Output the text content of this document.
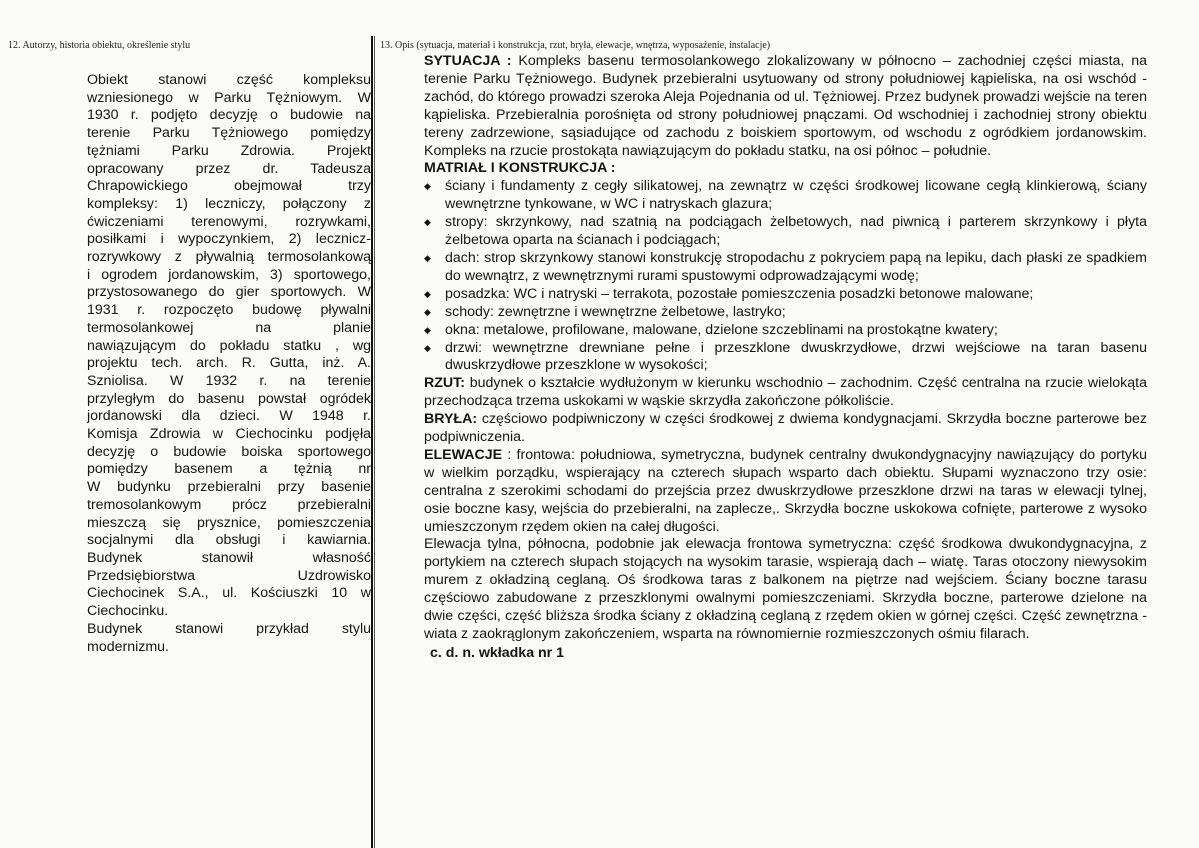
12. Autorzy, historia obiektu, określenie stylu	13. Opis (sytuacja, materiał i konstrukcja, rzut, bryła, elewacje, wnętrza, wyposażenie, instalacje)
Obiekt stanowi część kompleksu
wzniesionego w Parku Tężniowym. W
1930 r. podjęto decyzję o budowie na
terenie Parku Tężniowego pomiędzy
tężniami Parku Zdrowia. Projekt
opracowany przez dr. Tadeusza
Chrapowickiego obejmował trzy
kompleksy: 1) leczniczy, połączony z
ćwiczeniami terenowymi, rozrywkami,
posiłkami i wypoczynkiem, 2) lecznicz-
rozrywkowy z pływalnią termosolankową
i ogrodem jordanowskim, 3) sportowego,
przystosowanego do gier sportowych. W
1931 r. rozpoczęto budowę pływalni
termosolankowej na planie
nawiązującym do pokładu statku , wg
projektu tech. arch. R. Gutta, inż. A.
Szniolisa. W 1932 r. na terenie
przyległym do basenu powstał ogródek
jordanowski dla dzieci. W 1948 r.
Komisja Zdrowia w Ciechocinku podjęła
decyzję o budowie boiska sportowego
pomiędzy basenem a tężnią nr
W budynku przebieralni przy basenie
tremosolankowym prócz przebieralni
mieszczą się prysznice, pomieszczenia
socjalnymi dla obsługi i kawiarnia.
Budynek stanowił własność
Przedsiębiorstwa Uzdrowisko
Ciechocinek S.A., ul. Kościuszki 10 w
Ciechocinku.
Budynek stanowi przykład stylu
modernizmu.
SYTUACJA : Kompleks basenu termosolankowego zlokalizowany w północno – zachodniej części miasta, na terenie Parku Tężniowego. Budynek przebieralni usytuowany od strony południowej kąpieliska, na osi wschód - zachód, do którego prowadzi szeroka Aleja Pojednania od ul. Tężniowej. Przez budynek prowadzi wejście na teren kąpieliska. Przebieralnia porośnięta od strony południowej pnączami. Od wschodniej i zachodniej strony obiektu tereny zadrzewione, sąsiadujące od zachodu z boiskiem sportowym, od wschodu z ogródkiem jordanowskim. Kompleks na rzucie prostokąta nawiązującym do pokładu statku, na osi północ – południe.
MATRIAŁ I KONSTRUKCJA :
◆ ściany i fundamenty z cegły silikatowej, na zewnątrz w części środkowej licowane cegłą klinkierową, ściany wewnętrzne tynkowane, w WC i natryskach glazura;
◆ stropy: skrzynkowy, nad szatnią na podciągach żelbetowych, nad piwnicą i parterem skrzynkowy i płyta żelbetowa oparta na ścianach i podciągach;
◆ dach: strop skrzynkowy stanowi konstrukcję stropodachu z pokryciem papą na lepiku, dach płaski ze spadkiem do wewnątrz, z wewnętrznymi rurami spustowymi odprowadzającymi wodę;
◆ posadzka: WC i natryski – terrakota, pozostałe pomieszczenia posadzki betonowe malowane;
◆ schody: zewnętrzne i wewnętrzne żelbetowe, lastryko;
◆ okna: metalowe, profilowane, malowane, dzielone szczeblinami na prostokątne kwatery;
◆ drzwi: wewnętrzne drewniane pełne i przeszklone dwuskrzydłowe, drzwi wejściowe na taran basenu dwuskrzydłowe przeszklone w wysokości;
RZUT: budynek o kształcie wydłużonym w kierunku wschodnio – zachodnim. Część centralna na rzucie wielokąta przechodząca trzema uskokami w wąskie skrzydła zakończone półkoliście.
BRYŁA: częściowo podpiwniczony w części środkowej z dwiema kondygnacjami. Skrzydła boczne parterowe bez podpiwniczenia.
ELEWACJE : frontowa: południowa, symetryczna, budynek centralny dwukondygnacyjny nawiązujący do portyku w wielkim porządku, wspierający na czterech słupach wsparto dach obiektu. Słupami wyznaczono trzy osie: centralna z szerokimi schodami do przejścia przez dwuskrzydłowe przeszklone drzwi na taras w elewacji tylnej, osie boczne kasy, wejścia do przebieralni, na zaplecze,. Skrzydła boczne uskokowa cofnięte, parterowe z wysoko umieszczonym rzędem okien na całej długości.
Elewacja tylna, północna, podobnie jak elewacja frontowa symetryczna: część środkowa dwukondygnacyjna, z portykiem na czterech słupach stojących na wysokim tarasie, wspierają dach – wiatę. Taras otoczony niewysokim murem z okładziną ceglaną. Oś środkowa taras z balkonem na piętrze nad wejściem. Ściany boczne tarasu częściowo zabudowane z przeszklonymi owalnymi pomieszczeniami. Skrzydła boczne, parterowe dzielone na dwie części, część bliższa środka ściany z okładziną ceglaną z rzędem okien w górnej części. Część zewnętrzna - wiata z zaokrąglonym zakończeniem, wsparta na równomiernie rozmieszczonych ośmiu filarach.
c. d. n. wkładka nr 1
